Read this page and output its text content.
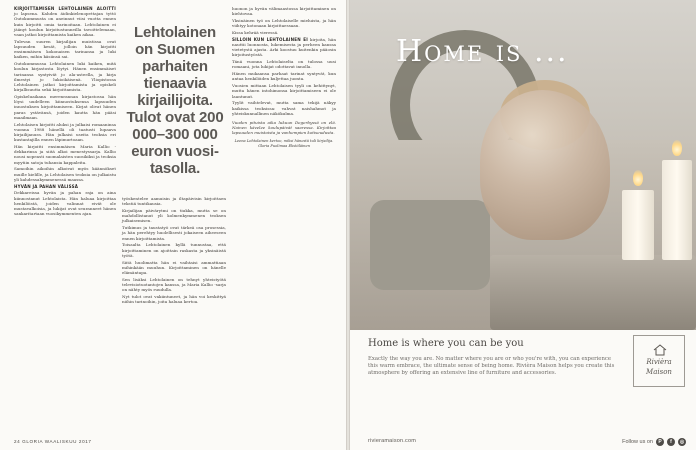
KIRJOITTAMISEN LEHTOLAINEN ALOITTI jo lapsena. Kahden äidinkielenopettajan tyttö Outokummusta on aneinnut viisi vuotta ennen kuin kirjoitti omia tarinoitaan. Lehtolainen ei jäänyt koulun kirjoitustunneilla tavoittelemaan, vaan jatkoi kirjoittamista kaiken aikaa.

Tulevan suuren kirjailijan muistissa ovat lapsuuden kesät, jolloin hän kirjoitti ensimmäisen kokonaisen tarinansa ja luki kaiken, mihin käsiinsä sai.

Outokummussa Lehtolainen luki kaiken, mitä koulun kirjastosta löytyi. Hänen ensimmäiset tarinansa syntyivät jo ala-asteella, ja kirja ilmestyi jo lukioikäisenä. Yliopistossa Lehtolainen jatkoi kirjoittamista ja opiskeli kirjallisuutta sekä kirjoittamista.

Opiskeluaikana merenrannan kirjastossa hän löysi uudelleen kiinnostuksensa lapsuuden innostuksen kirjoittamiseen. Kirjat olivat hänen paras ystävänsä, joiden kautta hän pääsi maailmaan.

Lehtolaisen kirjoitti aluksi ja julkaisi romaaninsa vuonna 1988 hänellä oli taatusti lupaava kirjailijanura. Hän julkaisi useita teoksia eri kustantajilla ennen läpimurtoaan.

Hän kirjoitti ensimmäisen Maria Kallio -dekkarinsa ja siitä alkoi menestyssarja. Kallio nousi nopeasti suomalaisten suosikiksi ja teoksia myytiin satoja tuhansia kappaleita.

Samoihin aikoihin alkoivat myös käännökset muille kielille, ja Lehtolaisen teoksia on julkaistu yli kahdessakymmenessä maassa.

HYVÄN JA PAHAN VÄLISSÄ

Dekkareissa hyvän ja pahan raja on aina kiinnostanut Lehtolaista. Hän haluaa kirjoittaa henkilöistä, joiden valinnat eivät ole mustavalkoisia, ja lukijat ovat seuranneet hänen sankaritartaan vuosikymmenten ajan.

Lehtolainen on Suomen parhaiten tienaavia kirjailijoita. Tulot ovat 200 000–300 000 euron vuosi-tasolla.

työskentelee aamuisin ja iltapäivisin kirjoittaen tekstiä tuntikausia.

Kirjailijan päivärytmi on tiukka, mutta se on mahdollistanut yli kolmenkymmenen teoksen julkaisemisen.

Tutkimus ja taustatyö ovat tärkeä osa prosessia, ja hän perehtyy huolellisesti jokaiseen aiheeseen ennen kirjoittamista.

Toisaalta Lehtolainen kyllä tunnustaa, että kirjoittaminen on ajoittain raskasta ja yksinäistä työtä.

Siitä huolimatta hän ei vaihtaisi ammattiaan mihinkään muuhun. Kirjoittaminen on hänelle elämäntapa.

Sen lisäksi Lehtolainen on tehnyt yhteistyötä televisiotuotantojen kanssa, ja Maria Kallio -sarja on nähty myös ruudulla.

Nyt tulot ovat vakiintuneet, ja hän voi keskittyä niihin tarinoihin, joita haluaa kertoa.

huonon ja hyvän välimaastossa kirjoittaminen on kiehtovaa.

Yksinäinen työ on Lehtolaiselle mieluista, ja hän viihtyy kotonaan kirjoittaessaan.

Kissa kehrää vieressä.

SILLOIN KUN LEHTOLAINEN EI kirjoita, hän nauttii luonnosta, lukemisesta ja perheen kanssa vietetystä ajasta. Arki koostuu kuitenkin pääosin kirjoitustyöstä.

Tänä vuonna Lehtolaiselta on tulossa uusi romaani, jota lukijat odottavat innolla.

Hänen mukaansa parhaat tarinat syntyvät, kun antaa henkilöiden kuljettaa juonta.

Vuosien mittaan Lehtolaisen tyyli on kehittynyt, mutta hänen intohimonsa kirjoittamiseen ei ole laantunut.

Tyylit vaihtelevat, mutta sama tekijä näkyy kaikissa teoksissa: vahvat naishahmot ja yhteiskunnallinen näkökulma.

Vuoden pituista aika lukuun Degerbyssä on elä. Nainen kävelee koulupäivät saaressa. Kirjoittaa lapsuuden muistoista ja vanhempien kotiseudusta.

Leena Lehtolainen kertoo, miksi hänestä tuli kirjailija. Gloria Puolimaa Ekstöläinen

24 GLORIA WAALISKUU 2017
Home is ...
Home is where you can be you
Exactly the way you are. No matter where you are or who you're with, you can experience this warm embrace, the ultimate sense of being home. Rivièra Maison helps you create this atmosphere by offering an extensive line of furniture and accessories.
Rivièra
Maison
rivieramaison.com	Follow us on	P	f	◎
